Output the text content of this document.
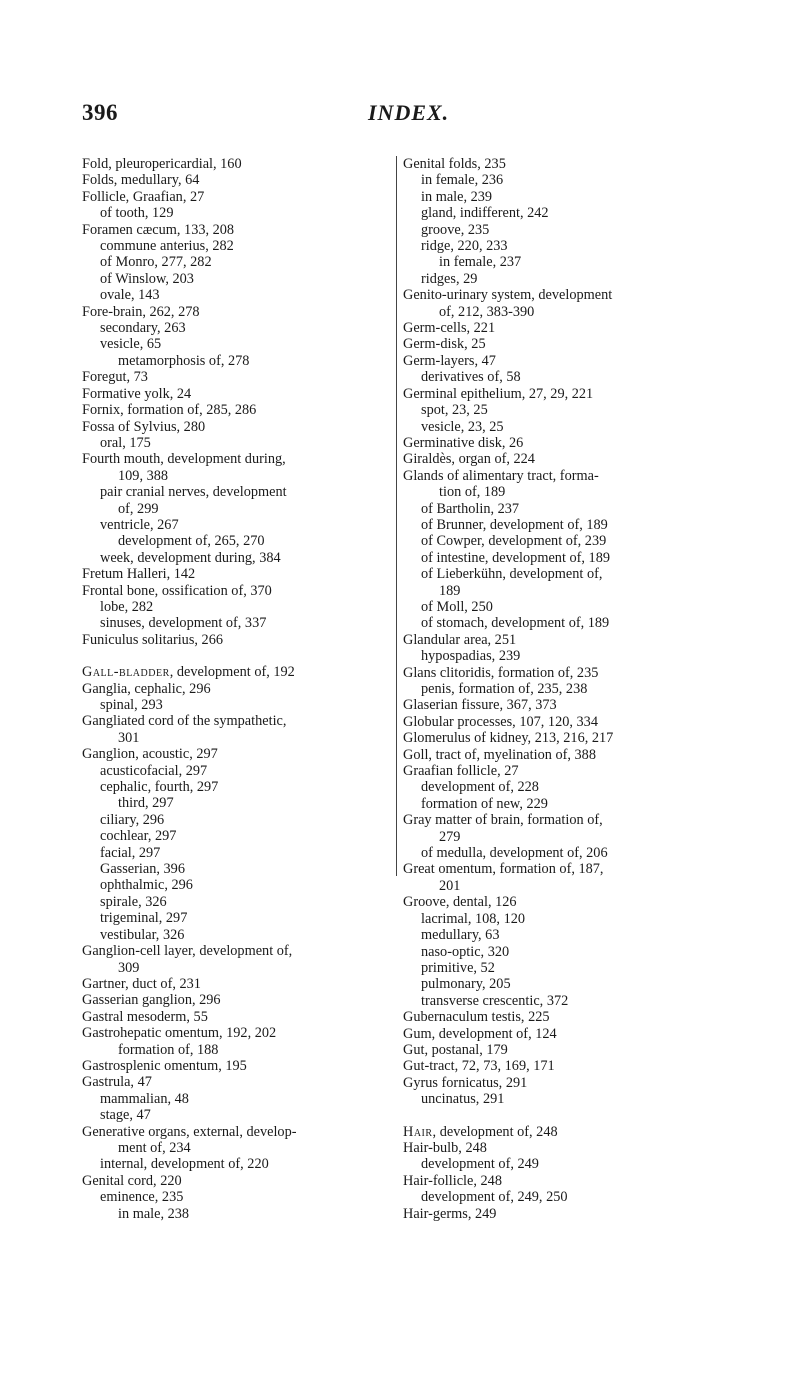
396	INDEX.
Fold, pleuropericardial, 160
Folds, medullary, 64
Follicle, Graafian, 27
of tooth, 129
Foramen cæcum, 133, 208
commune anterius, 282
of Monro, 277, 282
of Winslow, 203
ovale, 143
Fore-brain, 262, 278
secondary, 263
vesicle, 65
metamorphosis of, 278
Foregut, 73
Formative yolk, 24
Fornix, formation of, 285, 286
Fossa of Sylvius, 280
oral, 175
Fourth mouth, development during,
109, 388
pair cranial nerves, development
of, 299
ventricle, 267
development of, 265, 270
week, development during, 384
Fretum Halleri, 142
Frontal bone, ossification of, 370
lobe, 282
sinuses, development of, 337
Funiculus solitarius, 266
Gall-bladder, development of, 192
Ganglia, cephalic, 296
spinal, 293
Gangliated cord of the sympathetic,
301
Ganglion, acoustic, 297
acusticofacial, 297
cephalic, fourth, 297
third, 297
ciliary, 296
cochlear, 297
facial, 297
Gasserian, 396
ophthalmic, 296
spirale, 326
trigeminal, 297
vestibular, 326
Ganglion-cell layer, development of,
309
Gartner, duct of, 231
Gasserian ganglion, 296
Gastral mesoderm, 55
Gastrohepatic omentum, 192, 202
formation of, 188
Gastrosplenic omentum, 195
Gastrula, 47
mammalian, 48
stage, 47
Generative organs, external, develop-
ment of, 234
internal, development of, 220
Genital cord, 220
eminence, 235
in male, 238
Genital folds, 235
in female, 236
in male, 239
gland, indifferent, 242
groove, 235
ridge, 220, 233
in female, 237
ridges, 29
Genito-urinary system, development
of, 212, 383-390
Germ-cells, 221
Germ-disk, 25
Germ-layers, 47
derivatives of, 58
Germinal epithelium, 27, 29, 221
spot, 23, 25
vesicle, 23, 25
Germinative disk, 26
Giraldès, organ of, 224
Glands of alimentary tract, forma-
tion of, 189
of Bartholin, 237
of Brunner, development of, 189
of Cowper, development of, 239
of intestine, development of, 189
of Lieberkühn, development of,
189
of Moll, 250
of stomach, development of, 189
Glandular area, 251
hypospadias, 239
Glans clitoridis, formation of, 235
penis, formation of, 235, 238
Glaserian fissure, 367, 373
Globular processes, 107, 120, 334
Glomerulus of kidney, 213, 216, 217
Goll, tract of, myelination of, 388
Graafian follicle, 27
development of, 228
formation of new, 229
Gray matter of brain, formation of,
279
of medulla, development of, 206
Great omentum, formation of, 187,
201
Groove, dental, 126
lacrimal, 108, 120
medullary, 63
naso-optic, 320
primitive, 52
pulmonary, 205
transverse crescentic, 372
Gubernaculum testis, 225
Gum, development of, 124
Gut, postanal, 179
Gut-tract, 72, 73, 169, 171
Gyrus fornicatus, 291
uncinatus, 291
Hair, development of, 248
Hair-bulb, 248
development of, 249
Hair-follicle, 248
development of, 249, 250
Hair-germs, 249
